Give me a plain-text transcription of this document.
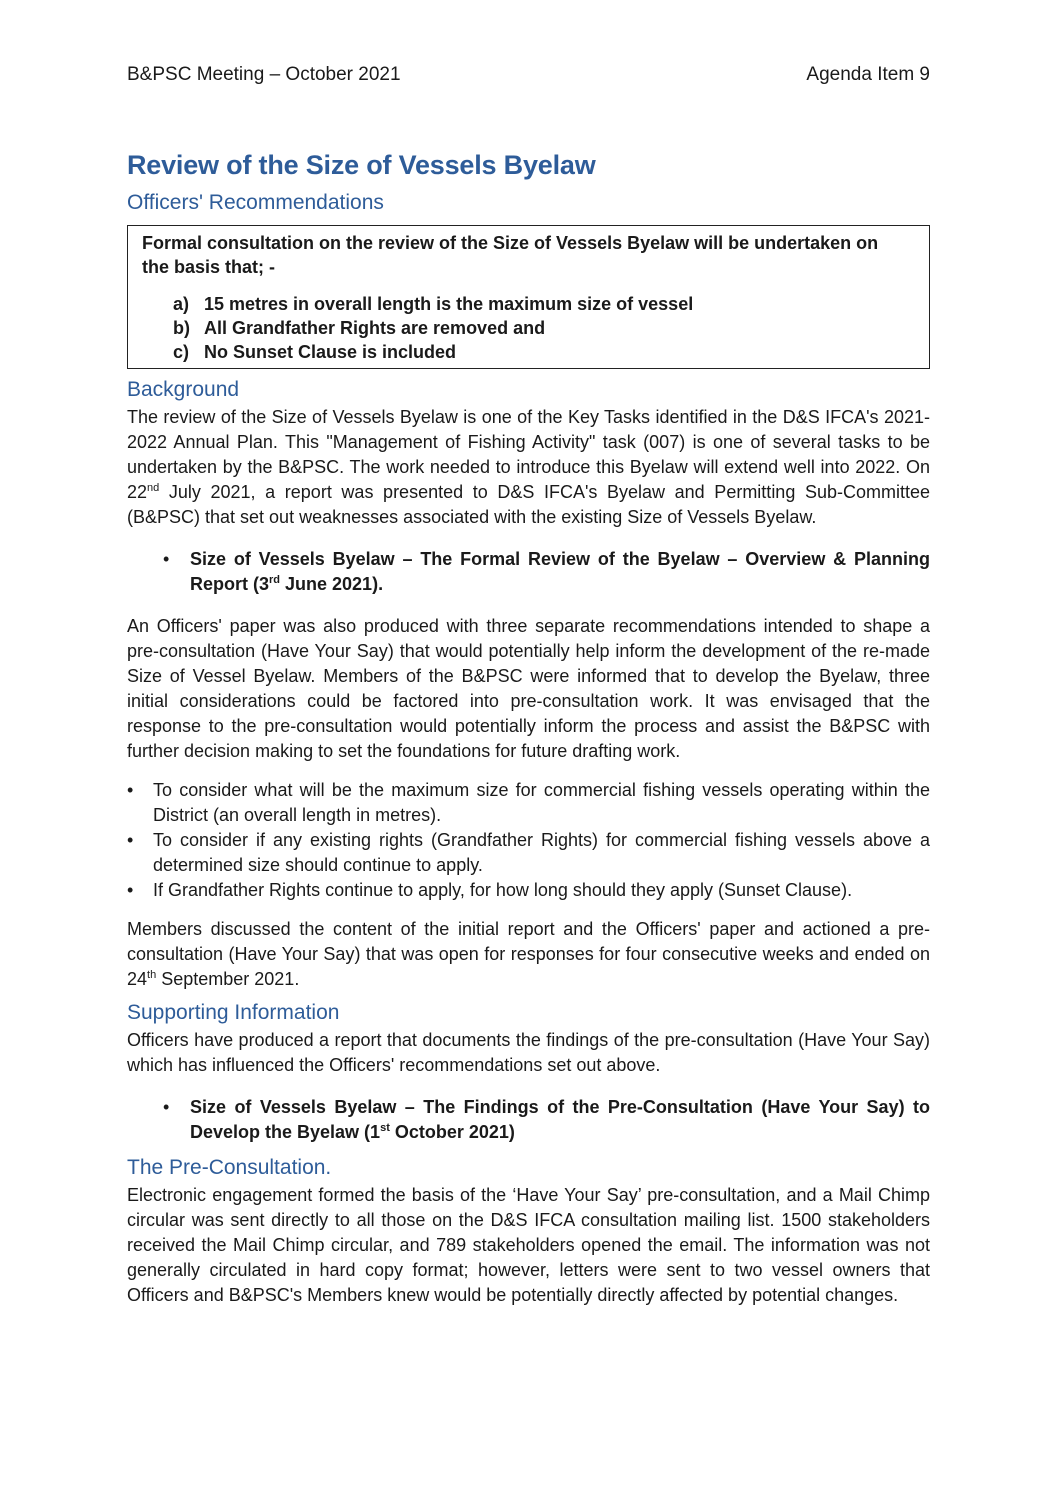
B&PSC Meeting – October 2021	Agenda Item 9
Review of the Size of Vessels Byelaw
Officers' Recommendations

Formal consultation on the review of the Size of Vessels Byelaw will be undertaken on the basis that; -

a) 15 metres in overall length is the maximum size of vessel
b) All Grandfather Rights are removed and
c) No Sunset Clause is included
Background

The review of the Size of Vessels Byelaw is one of the Key Tasks identified in the D&S IFCA's 2021-2022 Annual Plan. This "Management of Fishing Activity" task (007) is one of several tasks to be undertaken by the B&PSC. The work needed to introduce this Byelaw will extend well into 2022. On 22nd July 2021, a report was presented to D&S IFCA's Byelaw and Permitting Sub-Committee (B&PSC) that set out weaknesses associated with the existing Size of Vessels Byelaw.

•	Size of Vessels Byelaw – The Formal Review of the Byelaw – Overview & Planning Report (3rd June 2021).

An Officers' paper was also produced with three separate recommendations intended to shape a pre-consultation (Have Your Say) that would potentially help inform the development of the re-made Size of Vessel Byelaw. Members of the B&PSC were informed that to develop the Byelaw, three initial considerations could be factored into pre-consultation work. It was envisaged that the response to the pre-consultation would potentially inform the process and assist the B&PSC with further decision making to set the foundations for future drafting work.

•	To consider what will be the maximum size for commercial fishing vessels operating within the District (an overall length in metres).
•	To consider if any existing rights (Grandfather Rights) for commercial fishing vessels above a determined size should continue to apply.
•	If Grandfather Rights continue to apply, for how long should they apply (Sunset Clause).

Members discussed the content of the initial report and the Officers' paper and actioned a pre-consultation (Have Your Say) that was open for responses for four consecutive weeks and ended on 24th September 2021.

Supporting Information

Officers have produced a report that documents the findings of the pre-consultation (Have Your Say) which has influenced the Officers' recommendations set out above.

•	Size of Vessels Byelaw – The Findings of the Pre-Consultation (Have Your Say) to Develop the Byelaw (1st October 2021)
The Pre-Consultation.

Electronic engagement formed the basis of the ‘Have Your Say’ pre-consultation, and a Mail Chimp circular was sent directly to all those on the D&S IFCA consultation mailing list. 1500 stakeholders received the Mail Chimp circular, and 789 stakeholders opened the email. The information was not generally circulated in hard copy format; however, letters were sent to two vessel owners that Officers and B&PSC's Members knew would be potentially directly affected by potential changes.
